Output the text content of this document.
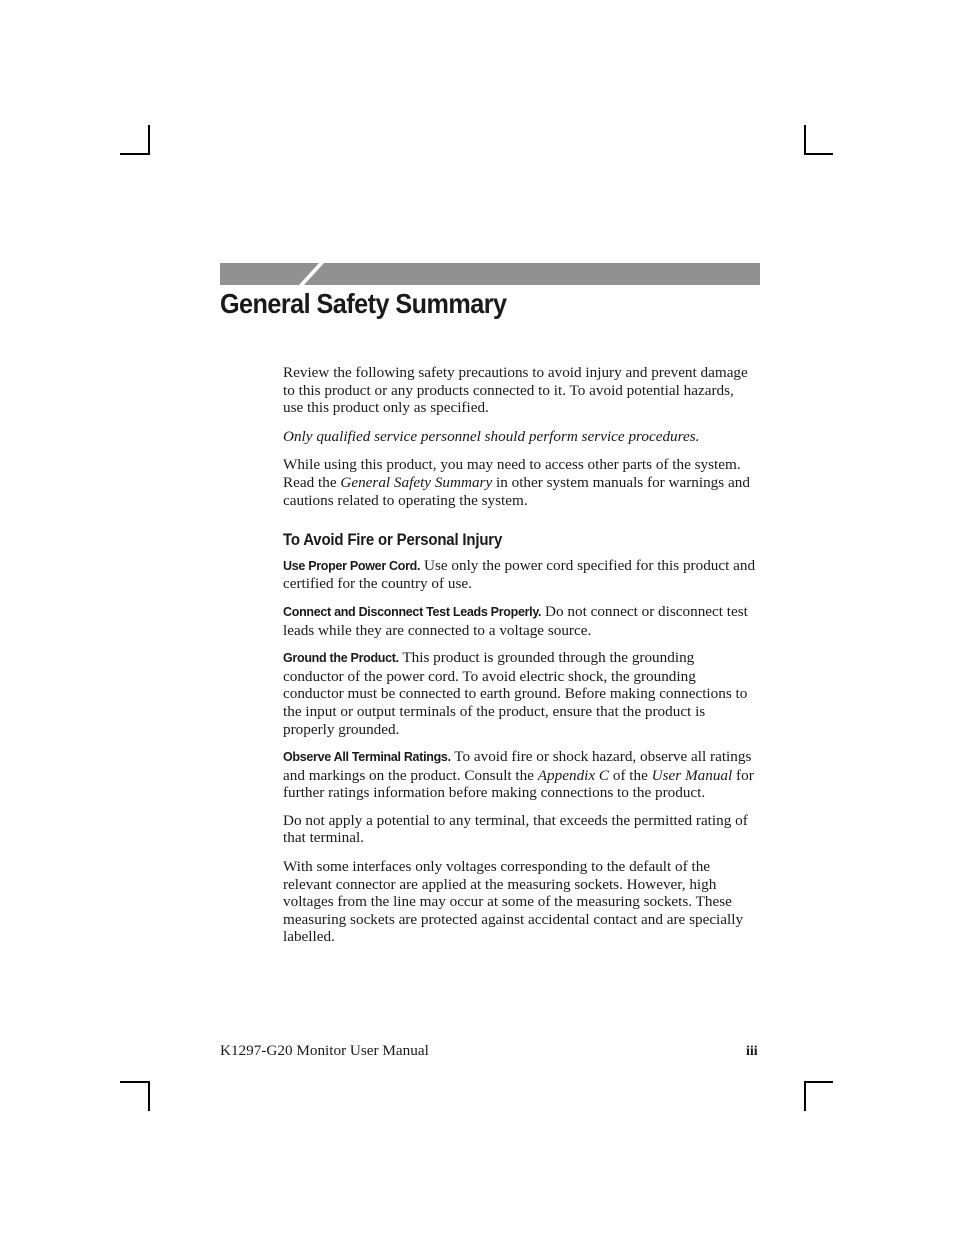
General Safety Summary

Review the following safety precautions to avoid injury and prevent damage to this product or any products connected to it. To avoid potential hazards, use this product only as specified.

Only qualified service personnel should perform service procedures.

While using this product, you may need to access other parts of the system. Read the General Safety Summary in other system manuals for warnings and cautions related to operating the system.

To Avoid Fire or Personal Injury

Use Proper Power Cord. Use only the power cord specified for this product and certified for the country of use.

Connect and Disconnect Test Leads Properly. Do not connect or disconnect test leads while they are connected to a voltage source.

Ground the Product. This product is grounded through the grounding conductor of the power cord. To avoid electric shock, the grounding conductor must be connected to earth ground. Before making connections to the input or output terminals of the product, ensure that the product is properly grounded.

Observe All Terminal Ratings. To avoid fire or shock hazard, observe all ratings and markings on the product. Consult the Appendix C of the User Manual for further ratings information before making connections to the product.

Do not apply a potential to any terminal, that exceeds the permitted rating of that terminal.

With some interfaces only voltages corresponding to the default of the relevant connector are applied at the measuring sockets. However, high voltages from the line may occur at some of the measuring sockets. These measuring sockets are protected against accidental contact and are specially labelled.

K1297-G20 Monitor User Manual	iii
